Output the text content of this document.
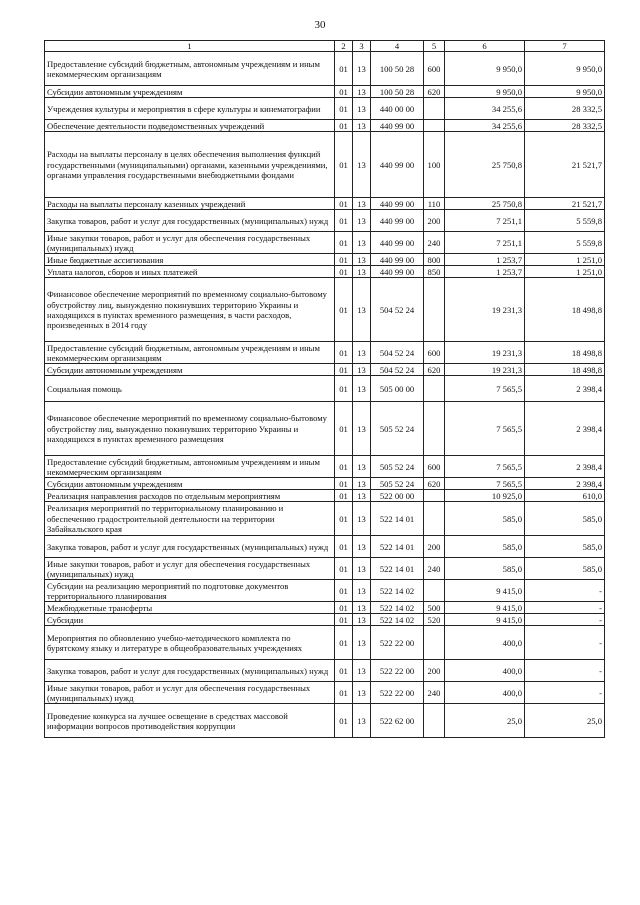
30
1	2	3	4	5	6	7
Предоставление субсидий бюджетным, автономным учреждениям и иным некоммерческим организациям	01	13	100 50 28	600	9 950,0	9 950,0
Субсидии автономным учреждениям	01	13	100 50 28	620	9 950,0	9 950,0
Учреждения культуры и мероприятия в сфере культуры и кинематографии	01	13	440 00 00		34 255,6	28 332,5
Обеспечение деятельности подведомственных учреждений	01	13	440 99 00		34 255,6	28 332,5
Расходы на выплаты персоналу в целях обеспечения выполнения функций государственными (муниципальными) органами, казенными учреждениями, органами управления государственными внебюджетными фондами	01	13	440 99 00	100	25 750,8	21 521,7
Расходы на выплаты персоналу казенных учреждений	01	13	440 99 00	110	25 750,8	21 521,7
Закупка товаров, работ и услуг для государственных (муниципальных) нужд	01	13	440 99 00	200	7 251,1	5 559,8
Иные закупки товаров, работ и услуг для обеспечения государственных (муниципальных) нужд	01	13	440 99 00	240	7 251,1	5 559,8
Иные бюджетные ассигнования	01	13	440 99 00	800	1 253,7	1 251,0
Уплата налогов, сборов и иных платежей	01	13	440 99 00	850	1 253,7	1 251,0
Финансовое обеспечение мероприятий по временному социально-бытовому обустройству лиц, вынужденно покинувших территорию Украины и находящихся в пунктах временного размещения, в части расходов, произведенных в 2014 году	01	13	504 52 24		19 231,3	18 498,8
Предоставление субсидий бюджетным, автономным учреждениям и иным некоммерческим организациям	01	13	504 52 24	600	19 231,3	18 498,8
Субсидии автономным учреждениям	01	13	504 52 24	620	19 231,3	18 498,8
Социальная помощь	01	13	505 00 00		7 565,5	2 398,4
Финансовое обеспечение мероприятий по временному социально-бытовому обустройству лиц, вынужденно покинувших территорию Украины и находящихся в пунктах временного размещения	01	13	505 52 24		7 565,5	2 398,4
Предоставление субсидий бюджетным, автономным учреждениям и иным некоммерческим организациям	01	13	505 52 24	600	7 565,5	2 398,4
Субсидии автономным учреждениям	01	13	505 52 24	620	7 565,5	2 398,4
Реализация направления расходов по отдельным мероприятиям	01	13	522 00 00		10 925,0	610,0
Реализация мероприятий по территориальному планированию и обеспечению градостроительной деятельности на территории Забайкальского края	01	13	522 14 01		585,0	585,0
Закупка товаров, работ и услуг для государственных (муниципальных) нужд	01	13	522 14 01	200	585,0	585,0
Иные закупки товаров, работ и услуг для обеспечения государственных (муниципальных) нужд	01	13	522 14 01	240	585,0	585,0
Субсидии на реализацию мероприятий по подготовке документов территориального планирования	01	13	522 14 02		9 415,0	-
Межбюджетные трансферты	01	13	522 14 02	500	9 415,0	-
Субсидии	01	13	522 14 02	520	9 415,0	-
Мероприятия по обновлению учебно-методического комплекта по бурятскому языку и литературе в общеобразовательных учреждениях	01	13	522 22 00		400,0	-
Закупка товаров, работ и услуг для государственных (муниципальных) нужд	01	13	522 22 00	200	400,0	-
Иные закупки товаров, работ и услуг для обеспечения государственных (муниципальных) нужд	01	13	522 22 00	240	400,0	-
Проведение конкурса на лучшее освещение в средствах массовой информации вопросов противодействия коррупции	01	13	522 62 00		25,0	25,0
